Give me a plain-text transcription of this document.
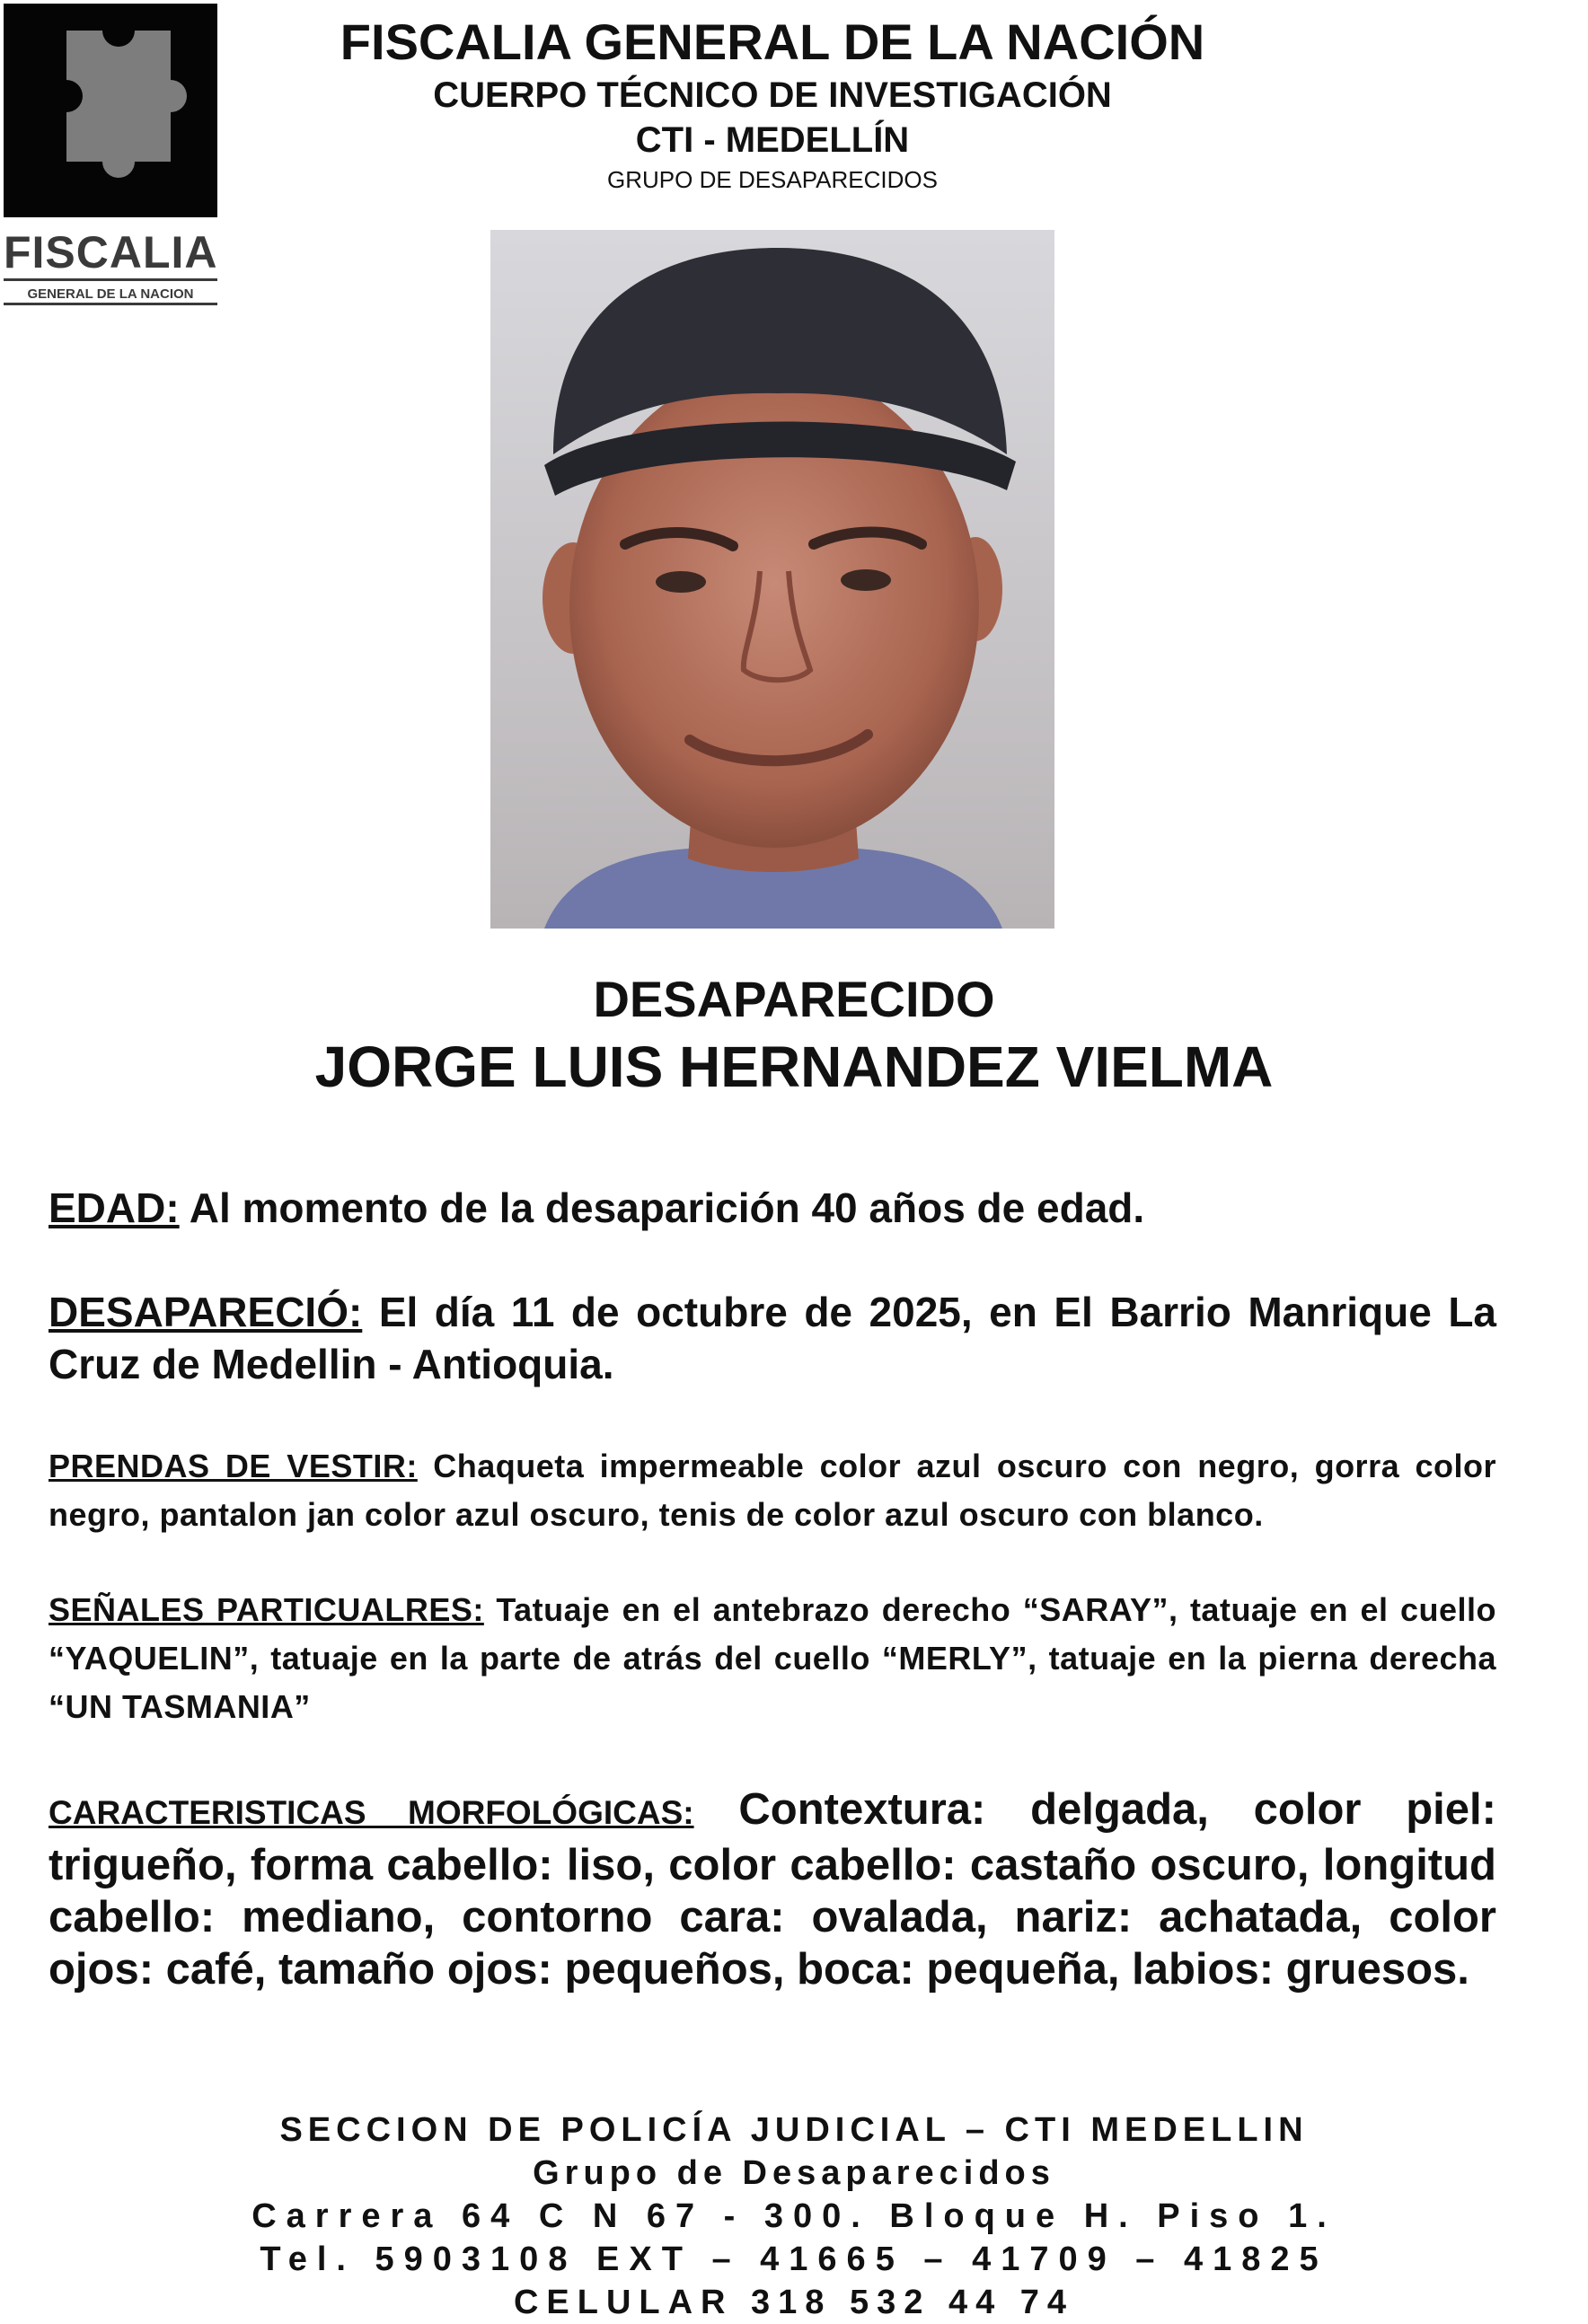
FISCALIA
GENERAL DE LA NACION
FISCALIA GENERAL DE LA NACIÓN
CUERPO TÉCNICO DE INVESTIGACIÓN
CTI - MEDELLÍN
GRUPO DE DESAPARECIDOS
DESAPARECIDO
JORGE LUIS HERNANDEZ VIELMA
EDAD: Al momento de la desaparición 40 años de edad.
DESAPARECIÓ: El día 11 de octubre de 2025, en El Barrio Manrique La Cruz de Medellin - Antioquia.
PRENDAS DE VESTIR: Chaqueta impermeable color azul oscuro con negro, gorra color negro, pantalon jan color azul oscuro, tenis de color azul oscuro con blanco.
SEÑALES PARTICUALRES: Tatuaje en el antebrazo derecho “SARAY”, tatuaje en el cuello “YAQUELIN”, tatuaje en la parte de atrás del cuello “MERLY”, tatuaje en la pierna derecha “UN TASMANIA”
CARACTERISTICAS MORFOLÓGICAS: Contextura: delgada, color piel: trigueño, forma cabello: liso, color cabello: castaño oscuro, longitud cabello: mediano, contorno cara: ovalada, nariz: achatada, color ojos: café, tamaño ojos: pequeños, boca: pequeña, labios: gruesos.
SECCION DE POLICÍA JUDICIAL – CTI MEDELLIN
Grupo de Desaparecidos
Carrera 64 C N 67 - 300. Bloque H. Piso 1.
Tel. 5903108 EXT – 41665 – 41709 – 41825
CELULAR 318 532 44 74
